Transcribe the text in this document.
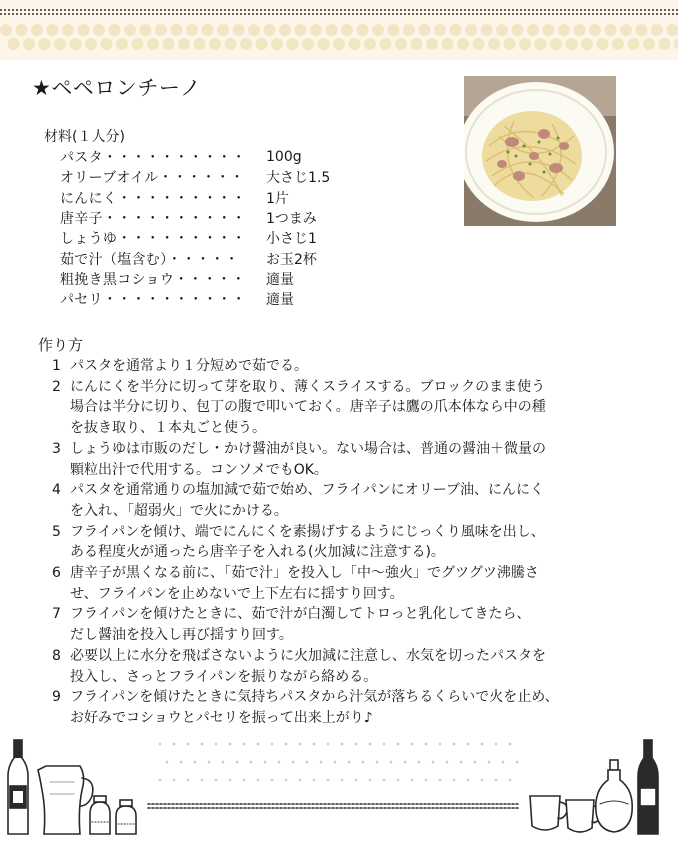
★ペペロンチーノ
材料(１人分)
パスタ・・・・・・・・・・	100g
オリーブオイル・・・・・・	大さじ1.5
にんにく・・・・・・・・・	1片
唐辛子・・・・・・・・・・	1つまみ
しょうゆ・・・・・・・・・	小さじ1
茹で汁（塩含む）・・・・・	お玉2杯
粗挽き黒コショウ・・・・・	適量
パセリ・・・・・・・・・・	適量
作り方
1 パスタを通常より１分短めで茹でる。
2 にんにくを半分に切って芽を取り、薄くスライスする。ブロックのまま使う
場合は半分に切り、包丁の腹で叩いておく。唐辛子は鷹の爪本体なら中の種
を抜き取り、１本丸ごと使う。
3 しょうゆは市販のだし・かけ醤油が良い。ない場合は、普通の醤油＋微量の
顆粒出汁で代用する。コンソメでもOK。
4 パスタを通常通りの塩加減で茹で始め、フライパンにオリーブ油、にんにく
を入れ、「超弱火」で火にかける。
5 フライパンを傾け、端でにんにくを素揚げするようにじっくり風味を出し、
ある程度火が通ったら唐辛子を入れる(火加減に注意する)。
6 唐辛子が黒くなる前に、「茹で汁」を投入し「中～強火」でグツグツ沸騰さ
せ、フライパンを止めないで上下左右に揺すり回す。
7 フライパンを傾けたときに、茹で汁が白濁してトロっと乳化してきたら、
だし醤油を投入し再び揺すり回す。
8 必要以上に水分を飛ばさないように火加減に注意し、水気を切ったパスタを
投入し、さっとフライパンを振りながら絡める。
9 フライパンを傾けたときに気持ちパスタから汁気が落ちるくらいで火を止め、
お好みでコショウとパセリを振って出来上がり♪
